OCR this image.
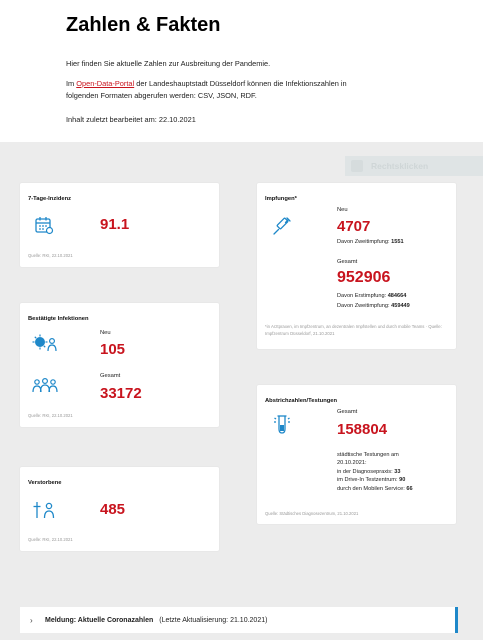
Zahlen & Fakten

Hier finden Sie aktuelle Zahlen zur Ausbreitung der Pandemie.

Im Open-Data-Portal der Landeshauptstadt Düsseldorf können die Infektionszahlen in
folgenden Formaten abgerufen werden: CSV, JSON, RDF.

Inhalt zuletzt bearbeitet am: 22.10.2021

Rechtsklicken
7-Tage-Inzidenz
91.1
Quelle: RKI, 22.10.2021
Bestätigte Infektionen
Neu
105
Gesamt
33172
Quelle: RKI, 22.10.2021
Verstorbene
485
Quelle: RKI, 22.10.2021
Impfungen*
Neu
4707
Davon Zweitimpfung: 1551
Gesamt
952906
Davon Erstimpfung: 484664
Davon Zweitimpfung: 459449
*in Arztpraxen, im Impfzentrum, an dezentralen Impfstellen und durch mobile Teams · Quelle: Impfzentrum Düsseldorf, 21.10.2021
Abstrichzahlen/Testungen
Gesamt
158804
städtische Testungen am
20.10.2021:
in der Diagnosepraxis: 33
im Drive-In Testzentrum: 90
durch den Mobilen Service: 66
Quelle: Städtisches Diagnosezentrum, 21.10.2021
›	Meldung: Aktuelle Coronazahlen (Letzte Aktualisierung: 21.10.2021)
